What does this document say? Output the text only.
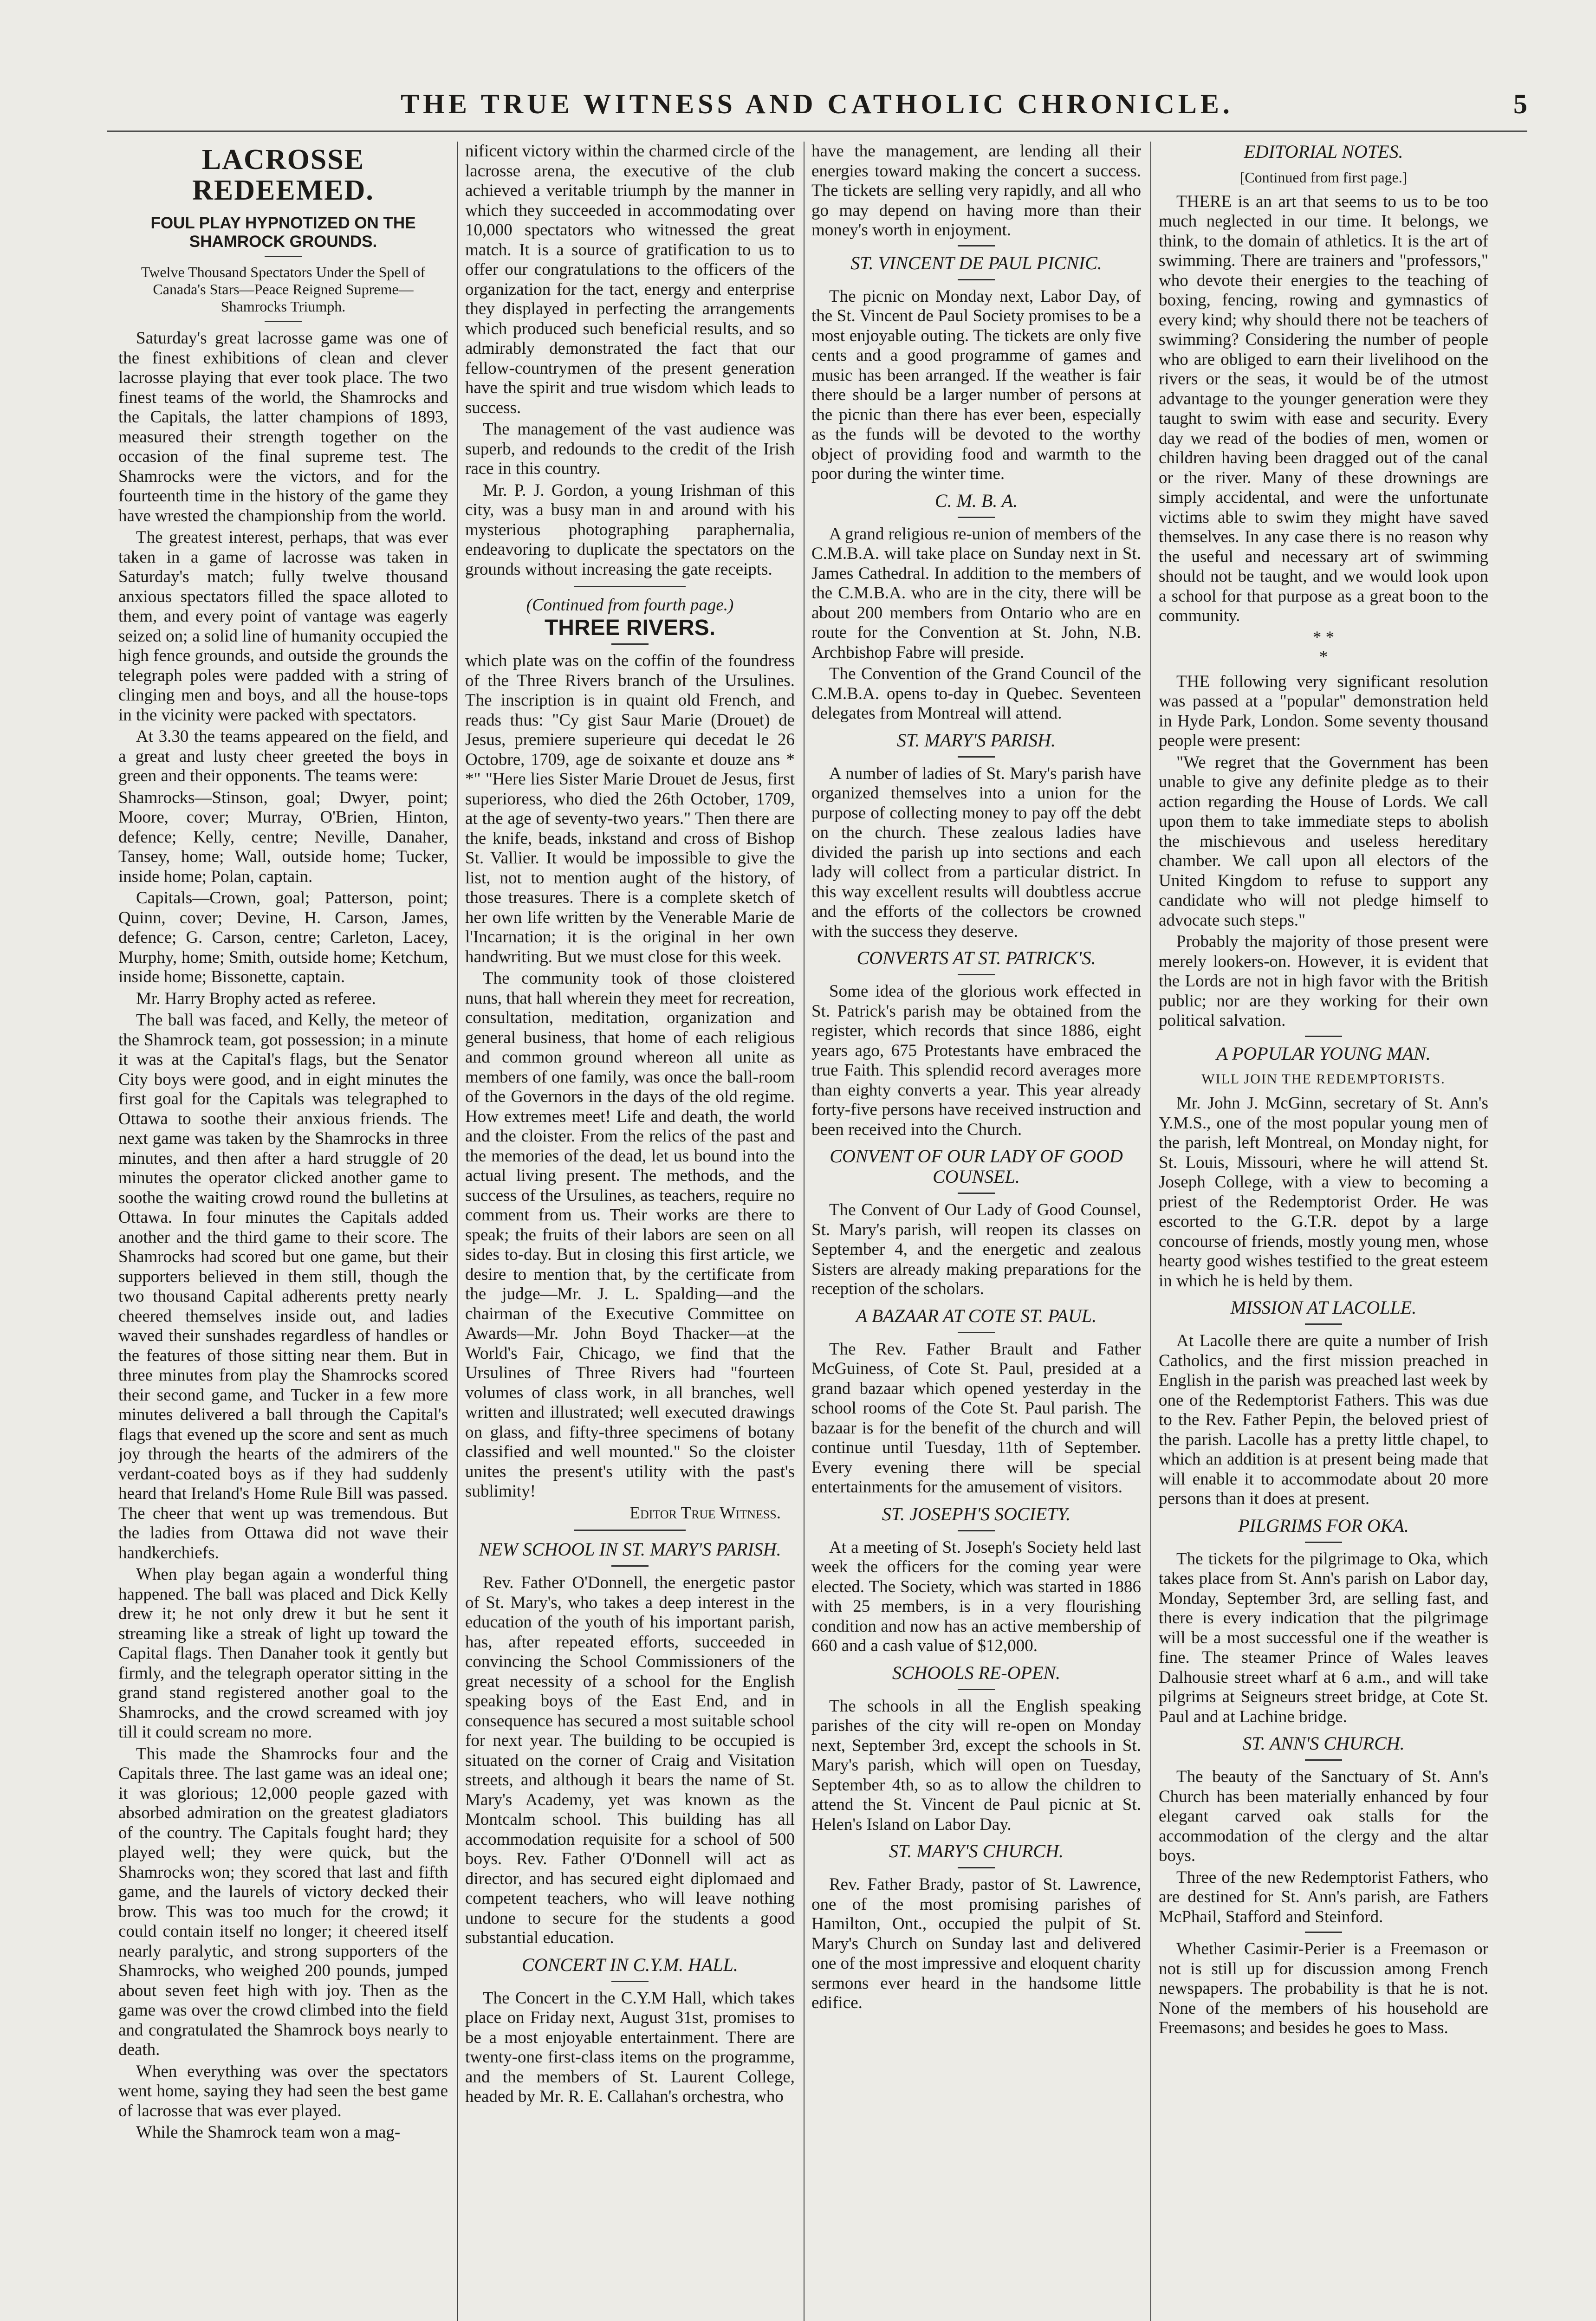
THE TRUE WITNESS AND CATHOLIC CHRONICLE.	5
LACROSSE REDEEMED.
FOUL PLAY HYPNOTIZED ON THE SHAMROCK GROUNDS.
Twelve Thousand Spectators Under the Spell of Canada's Stars—Peace Reigned Supreme—Shamrocks Triumph.

Saturday's great lacrosse game was one of the finest exhibitions of clean and clever lacrosse playing that ever took place. The two finest teams of the world, the Shamrocks and the Capitals, the latter champions of 1893, measured their strength together on the occasion of the final supreme test. The Shamrocks were the victors, and for the fourteenth time in the history of the game they have wrested the championship from the world.

The greatest interest, perhaps, that was ever taken in a game of lacrosse was taken in Saturday's match; fully twelve thousand anxious spectators filled the space alloted to them, and every point of vantage was eagerly seized on; a solid line of humanity occupied the high fence grounds, and outside the grounds the telegraph poles were padded with a string of clinging men and boys, and all the house-tops in the vicinity were packed with spectators.

At 3.30 the teams appeared on the field, and a great and lusty cheer greeted the boys in green and their opponents. The teams were:

Shamrocks—Stinson, goal; Dwyer, point; Moore, cover; Murray, O'Brien, Hinton, defence; Kelly, centre; Neville, Danaher, Tansey, home; Wall, outside home; Tucker, inside home; Polan, captain.

Capitals—Crown, goal; Patterson, point; Quinn, cover; Devine, H. Carson, James, defence; G. Carson, centre; Carleton, Lacey, Murphy, home; Smith, outside home; Ketchum, inside home; Bissonette, captain.

Mr. Harry Brophy acted as referee.

The ball was faced, and Kelly, the meteor of the Shamrock team, got possession; in a minute it was at the Capital's flags, but the Senator City boys were good, and in eight minutes the first goal for the Capitals was telegraphed to Ottawa to soothe their anxious friends. The next game was taken by the Shamrocks in three minutes, and then after a hard struggle of 20 minutes the operator clicked another game to soothe the waiting crowd round the bulletins at Ottawa. In four minutes the Capitals added another and the third game to their score. The Shamrocks had scored but one game, but their supporters believed in them still, though the two thousand Capital adherents pretty nearly cheered themselves inside out, and ladies waved their sunshades regardless of handles or the features of those sitting near them. But in three minutes from play the Shamrocks scored their second game, and Tucker in a few more minutes delivered a ball through the Capital's flags that evened up the score and sent as much joy through the hearts of the admirers of the verdant-coated boys as if they had suddenly heard that Ireland's Home Rule Bill was passed. The cheer that went up was tremendous. But the ladies from Ottawa did not wave their handkerchiefs.

When play began again a wonderful thing happened. The ball was placed and Dick Kelly drew it; he not only drew it but he sent it streaming like a streak of light up toward the Capital flags. Then Danaher took it gently but firmly, and the telegraph operator sitting in the grand stand registered another goal to the Shamrocks, and the crowd screamed with joy till it could scream no more.

This made the Shamrocks four and the Capitals three. The last game was an ideal one; it was glorious; 12,000 people gazed with absorbed admiration on the greatest gladiators of the country. The Capitals fought hard; they played well; they were quick, but the Shamrocks won; they scored that last and fifth game, and the laurels of victory decked their brow. This was too much for the crowd; it could contain itself no longer; it cheered itself nearly paralytic, and strong supporters of the Shamrocks, who weighed 200 pounds, jumped about seven feet high with joy. Then as the game was over the crowd climbed into the field and congratulated the Shamrock boys nearly to death.

When everything was over the spectators went home, saying they had seen the best game of lacrosse that was ever played.

While the Shamrock team won a mag-

nificent victory within the charmed circle of the lacrosse arena, the executive of the club achieved a veritable triumph by the manner in which they succeeded in accommodating over 10,000 spectators who witnessed the great match. It is a source of gratification to us to offer our congratulations to the officers of the organization for the tact, energy and enterprise they displayed in perfecting the arrangements which produced such beneficial results, and so admirably demonstrated the fact that our fellow-countrymen of the present generation have the spirit and true wisdom which leads to success.

The management of the vast audience was superb, and redounds to the credit of the Irish race in this country.

Mr. P. J. Gordon, a young Irishman of this city, was a busy man in and around with his mysterious photographing paraphernalia, endeavoring to duplicate the spectators on the grounds without increasing the gate receipts.

(Continued from fourth page.)
THREE RIVERS.

which plate was on the coffin of the foundress of the Three Rivers branch of the Ursulines. The inscription is in quaint old French, and reads thus: "Cy gist Saur Marie (Drouet) de Jesus, premiere superieure qui decedat le 26 Octobre, 1709, age de soixante et douze ans * *" "Here lies Sister Marie Drouet de Jesus, first superioress, who died the 26th October, 1709, at the age of seventy-two years." Then there are the knife, beads, inkstand and cross of Bishop St. Vallier. It would be impossible to give the list, not to mention aught of the history, of those treasures. There is a complete sketch of her own life written by the Venerable Marie de l'Incarnation; it is the original in her own handwriting. But we must close for this week.

The community took of those cloistered nuns, that hall wherein they meet for recreation, consultation, meditation, organization and general business, that home of each religious and common ground whereon all unite as members of one family, was once the ball-room of the Governors in the days of the old regime. How extremes meet! Life and death, the world and the cloister. From the relics of the past and the memories of the dead, let us bound into the actual living present. The methods, and the success of the Ursulines, as teachers, require no comment from us. Their works are there to speak; the fruits of their labors are seen on all sides to-day. But in closing this first article, we desire to mention that, by the certificate from the judge—Mr. J. L. Spalding—and the chairman of the Executive Committee on Awards—Mr. John Boyd Thacker—at the World's Fair, Chicago, we find that the Ursulines of Three Rivers had "fourteen volumes of class work, in all branches, well written and illustrated; well executed drawings on glass, and fifty-three specimens of botany classified and well mounted." So the cloister unites the present's utility with the past's sublimity!

Editor True Witness.
NEW SCHOOL IN ST. MARY'S PARISH.

Rev. Father O'Donnell, the energetic pastor of St. Mary's, who takes a deep interest in the education of the youth of his important parish, has, after repeated efforts, succeeded in convincing the School Commissioners of the great necessity of a school for the English speaking boys of the East End, and in consequence has secured a most suitable school for next year. The building to be occupied is situated on the corner of Craig and Visitation streets, and although it bears the name of St. Mary's Academy, yet was known as the Montcalm school. This building has all accommodation requisite for a school of 500 boys. Rev. Father O'Donnell will act as director, and has secured eight diplomaed and competent teachers, who will leave nothing undone to secure for the students a good substantial education.

CONCERT IN C.Y.M. HALL.

The Concert in the C.Y.M Hall, which takes place on Friday next, August 31st, promises to be a most enjoyable entertainment. There are twenty-one first-class items on the programme, and the members of St. Laurent College, headed by Mr. R. E. Callahan's orchestra, who

have the management, are lending all their energies toward making the concert a success. The tickets are selling very rapidly, and all who go may depend on having more than their money's worth in enjoyment.

ST. VINCENT DE PAUL PICNIC.

The picnic on Monday next, Labor Day, of the St. Vincent de Paul Society promises to be a most enjoyable outing. The tickets are only five cents and a good programme of games and music has been arranged. If the weather is fair there should be a larger number of persons at the picnic than there has ever been, especially as the funds will be devoted to the worthy object of providing food and warmth to the poor during the winter time.

C. M. B. A.

A grand religious re-union of members of the C.M.B.A. will take place on Sunday next in St. James Cathedral. In addition to the members of the C.M.B.A. who are in the city, there will be about 200 members from Ontario who are en route for the Convention at St. John, N.B. Archbishop Fabre will preside.

The Convention of the Grand Council of the C.M.B.A. opens to-day in Quebec. Seventeen delegates from Montreal will attend.

ST. MARY'S PARISH.

A number of ladies of St. Mary's parish have organized themselves into a union for the purpose of collecting money to pay off the debt on the church. These zealous ladies have divided the parish up into sections and each lady will collect from a particular district. In this way excellent results will doubtless accrue and the efforts of the collectors be crowned with the success they deserve.

CONVERTS AT ST. PATRICK'S.

Some idea of the glorious work effected in St. Patrick's parish may be obtained from the register, which records that since 1886, eight years ago, 675 Protestants have embraced the true Faith. This splendid record averages more than eighty converts a year. This year already forty-five persons have received instruction and been received into the Church.

CONVENT OF OUR LADY OF GOOD COUNSEL.

The Convent of Our Lady of Good Counsel, St. Mary's parish, will reopen its classes on September 4, and the energetic and zealous Sisters are already making preparations for the reception of the scholars.

A BAZAAR AT COTE ST. PAUL.

The Rev. Father Brault and Father McGuiness, of Cote St. Paul, presided at a grand bazaar which opened yesterday in the school rooms of the Cote St. Paul parish. The bazaar is for the benefit of the church and will continue until Tuesday, 11th of September. Every evening there will be special entertainments for the amusement of visitors.

ST. JOSEPH'S SOCIETY.

At a meeting of St. Joseph's Society held last week the officers for the coming year were elected. The Society, which was started in 1886 with 25 members, is in a very flourishing condition and now has an active membership of 660 and a cash value of $12,000.

SCHOOLS RE-OPEN.

The schools in all the English speaking parishes of the city will re-open on Monday next, September 3rd, except the schools in St. Mary's parish, which will open on Tuesday, September 4th, so as to allow the children to attend the St. Vincent de Paul picnic at St. Helen's Island on Labor Day.

ST. MARY'S CHURCH.

Rev. Father Brady, pastor of St. Lawrence, one of the most promising parishes of Hamilton, Ont., occupied the pulpit of St. Mary's Church on Sunday last and delivered one of the most impressive and eloquent charity sermons ever heard in the handsome little edifice.

EDITORIAL NOTES.
[Continued from first page.]

THERE is an art that seems to us to be too much neglected in our time. It belongs, we think, to the domain of athletics. It is the art of swimming. There are trainers and "professors," who devote their energies to the teaching of boxing, fencing, rowing and gymnastics of every kind; why should there not be teachers of swimming? Considering the number of people who are obliged to earn their livelihood on the rivers or the seas, it would be of the utmost advantage to the younger generation were they taught to swim with ease and security. Every day we read of the bodies of men, women or children having been dragged out of the canal or the river. Many of these drownings are simply accidental, and were the unfortunate victims able to swim they might have saved themselves. In any case there is no reason why the useful and necessary art of swimming should not be taught, and we would look upon a school for that purpose as a great boon to the community.

* *
*

THE following very significant resolution was passed at a "popular" demonstration held in Hyde Park, London. Some seventy thousand people were present:

"We regret that the Government has been unable to give any definite pledge as to their action regarding the House of Lords. We call upon them to take immediate steps to abolish the mischievous and useless hereditary chamber. We call upon all electors of the United Kingdom to refuse to support any candidate who will not pledge himself to advocate such steps."

Probably the majority of those present were merely lookers-on. However, it is evident that the Lords are not in high favor with the British public; nor are they working for their own political salvation.

A POPULAR YOUNG MAN.
WILL JOIN THE REDEMPTORISTS.

Mr. John J. McGinn, secretary of St. Ann's Y.M.S., one of the most popular young men of the parish, left Montreal, on Monday night, for St. Louis, Missouri, where he will attend St. Joseph College, with a view to becoming a priest of the Redemptorist Order. He was escorted to the G.T.R. depot by a large concourse of friends, mostly young men, whose hearty good wishes testified to the great esteem in which he is held by them.

MISSION AT LACOLLE.

At Lacolle there are quite a number of Irish Catholics, and the first mission preached in English in the parish was preached last week by one of the Redemptorist Fathers. This was due to the Rev. Father Pepin, the beloved priest of the parish. Lacolle has a pretty little chapel, to which an addition is at present being made that will enable it to accommodate about 20 more persons than it does at present.

PILGRIMS FOR OKA.

The tickets for the pilgrimage to Oka, which takes place from St. Ann's parish on Labor day, Monday, September 3rd, are selling fast, and there is every indication that the pilgrimage will be a most successful one if the weather is fine. The steamer Prince of Wales leaves Dalhousie street wharf at 6 a.m., and will take pilgrims at Seigneurs street bridge, at Cote St. Paul and at Lachine bridge.

ST. ANN'S CHURCH.

The beauty of the Sanctuary of St. Ann's Church has been materially enhanced by four elegant carved oak stalls for the accommodation of the clergy and the altar boys.

Three of the new Redemptorist Fathers, who are destined for St. Ann's parish, are Fathers McPhail, Stafford and Steinford.

Whether Casimir-Perier is a Freemason or not is still up for discussion among French newspapers. The probability is that he is not. None of the members of his household are Freemasons; and besides he goes to Mass.
